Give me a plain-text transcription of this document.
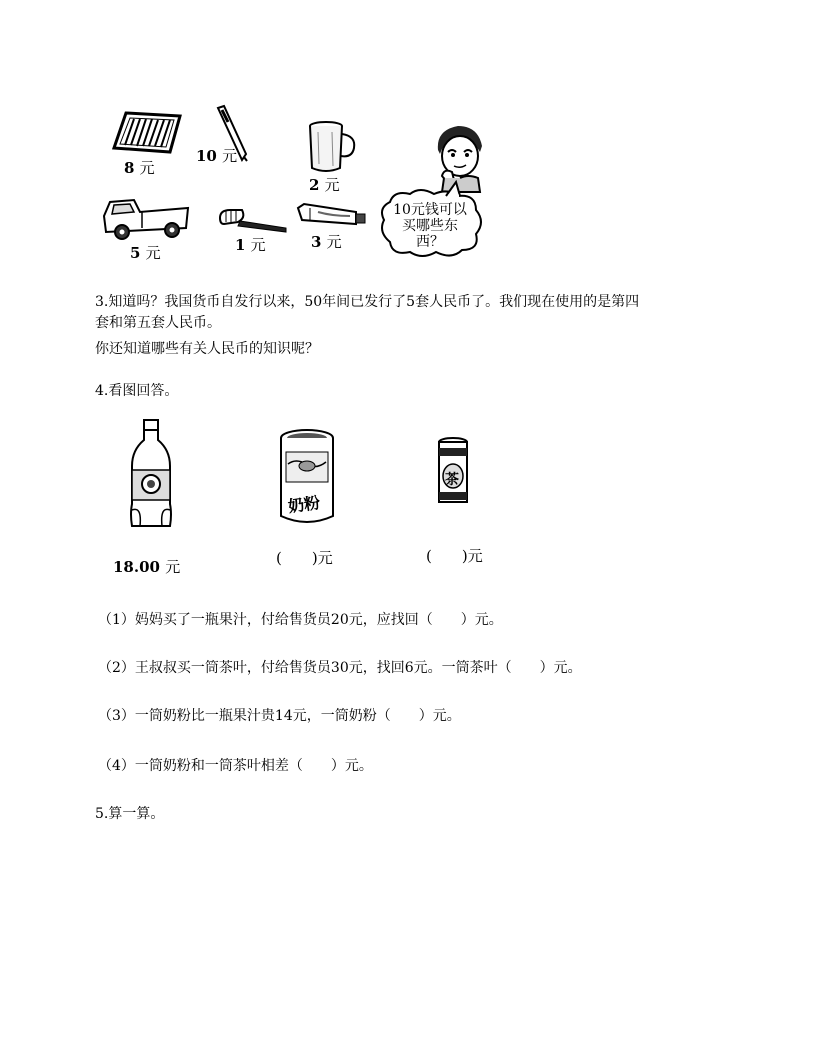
8 元
10 元
2 元
5 元	1 元	3 元
10元钱可以
买哪些东
西？
3.知道吗？我国货币自发行以来，50年间已发行了5套人民币了。我们现在使用的是第四
套和第五套人民币。
你还知道哪些有关人民币的知识呢？
4.看图回答。
18.00 元
奶粉
(　　)元
茶
(　　)元
（1）妈妈买了一瓶果汁，付给售货员20元，应找回（　　）元。
（2）王叔叔买一筒茶叶，付给售货员30元，找回6元。一筒茶叶（　　）元。
（3）一筒奶粉比一瓶果汁贵14元，一筒奶粉（　　）元。
（4）一筒奶粉和一筒茶叶相差（　　）元。
5.算一算。
